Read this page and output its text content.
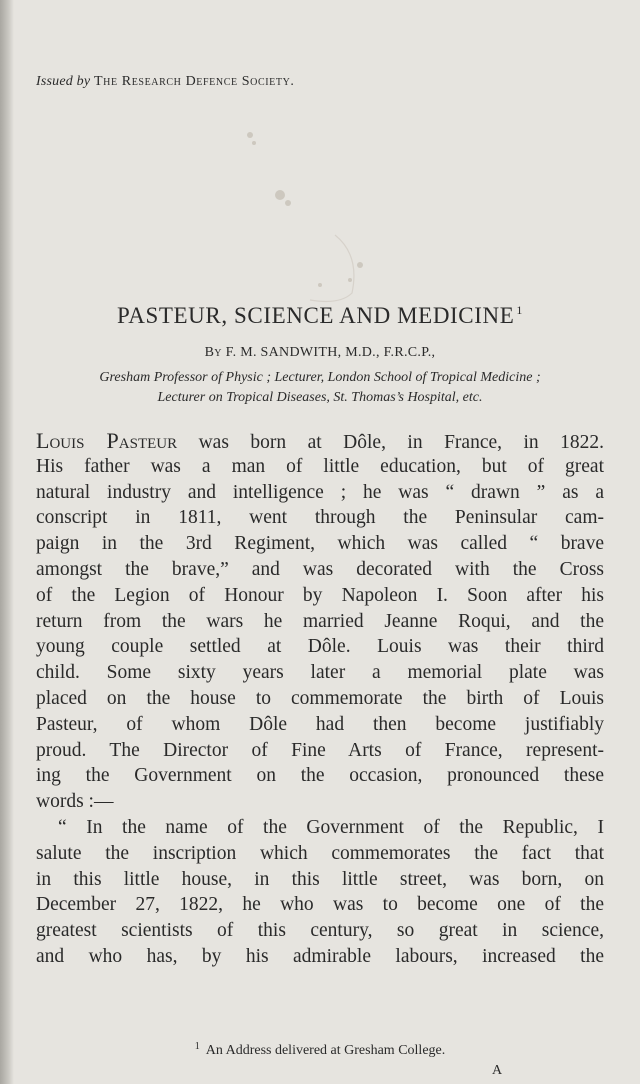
Issued by The Research Defence Society.
PASTEUR, SCIENCE AND MEDICINE $^1$
By F. M. SANDWITH, M.D., F.R.C.P.,
Gresham Professor of Physic ; Lecturer, London School of Tropical Medicine ;
Lecturer on Tropical Diseases, St. Thomas’s Hospital, etc.
Louis Pasteur was born at Dôle, in France, in 1822.
His father was a man of little education, but of great
natural industry and intelligence ; he was “ drawn ” as a
conscript in 1811, went through the Peninsular cam-
paign in the 3rd Regiment, which was called “ brave
amongst the brave,” and was decorated with the Cross
of the Legion of Honour by Napoleon I. Soon after his
return from the wars he married Jeanne Roqui, and the
young couple settled at Dôle. Louis was their third
child. Some sixty years later a memorial plate was
placed on the house to commemorate the birth of Louis
Pasteur, of whom Dôle had then become justifiably
proud. The Director of Fine Arts of France, represent-
ing the Government on the occasion, pronounced these
words :—
“ In the name of the Government of the Republic, I
salute the inscription which commemorates the fact that
in this little house, in this little street, was born, on
December 27, 1822, he who was to become one of the
greatest scientists of this century, so great in science,
and who has, by his admirable labours, increased the
$^1$ An Address delivered at Gresham College.
A
